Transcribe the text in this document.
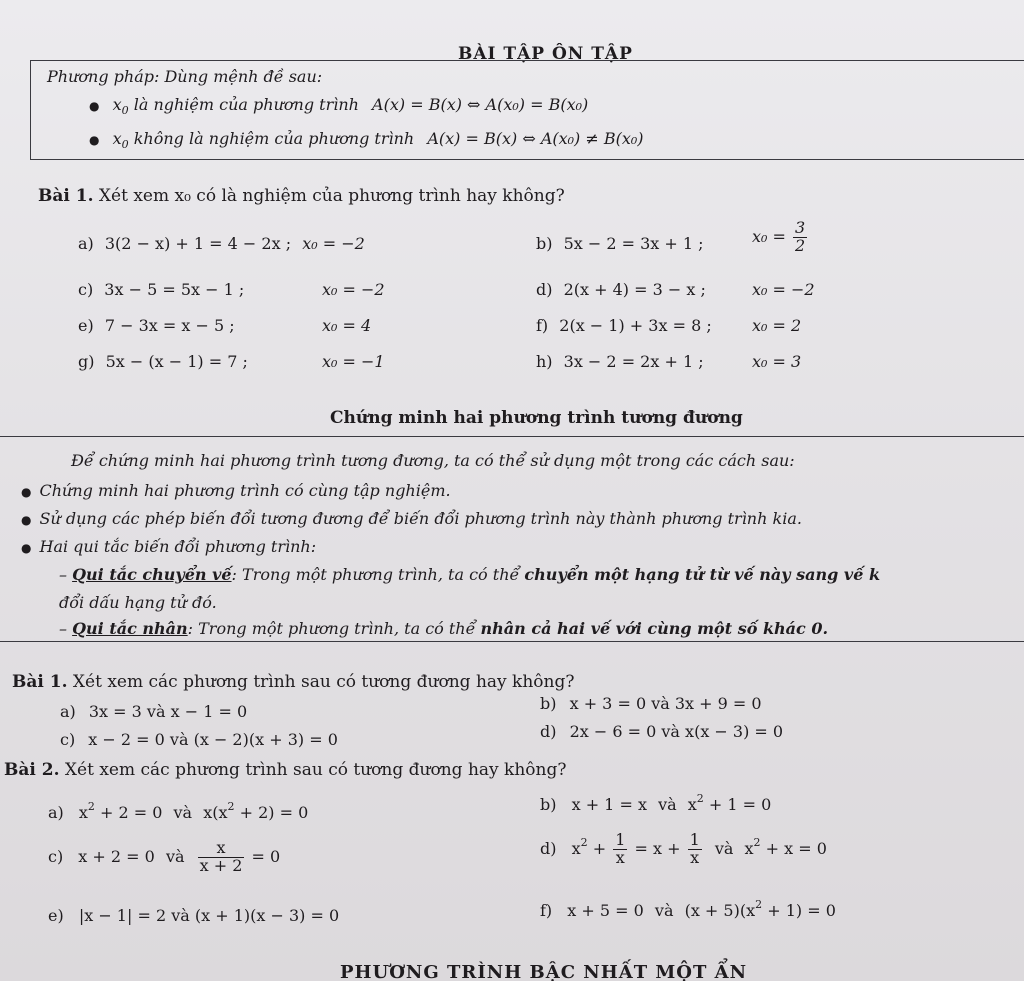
BÀI TẬP ÔN TẬP
Phương pháp: Dùng mệnh đề sau:
● $x_0$ là nghiệm của phương trình A(x) = B(x) ⇔ A(x₀) = B(x₀)
● $x_0$ không là nghiệm của phương trình A(x) = B(x) ⇔ A(x₀) ≠ B(x₀)
Bài 1. Xét xem x₀ có là nghiệm của phương trình hay không?
a) 3(2 − x) + 1 = 4 − 2x ; x₀ = −2	b) 5x − 2 = 3x + 1 ;	$x_0 = \frac{3}{2}$
c) 3x − 5 = 5x − 1 ;	x₀ = −2	d) 2(x + 4) = 3 − x ;	x₀ = −2
e) 7 − 3x = x − 5 ;	x₀ = 4	f) 2(x − 1) + 3x = 8 ;	x₀ = 2
g) 5x − (x − 1) = 7 ;	x₀ = −1	h) 3x − 2 = 2x + 1 ;	x₀ = 3
Chứng minh hai phương trình tương đương
Để chứng minh hai phương trình tương đương, ta có thể sử dụng một trong các cách sau:
● Chứng minh hai phương trình có cùng tập nghiệm.
● Sử dụng các phép biến đổi tương đương để biến đổi phương trình này thành phương trình kia.
● Hai qui tắc biến đổi phương trình:
– Qui tắc chuyển vế: Trong một phương trình, ta có thể chuyển một hạng tử từ vế này sang vế k
đổi dấu hạng tử đó.
– Qui tắc nhân: Trong một phương trình, ta có thể nhân cả hai vế với cùng một số khác 0.
Bài 1. Xét xem các phương trình sau có tương đương hay không?
a) 3x = 3 và x − 1 = 0	b) x + 3 = 0 và 3x + 9 = 0
c) x − 2 = 0 và (x − 2)(x + 3) = 0	d) 2x − 6 = 0 và x(x − 3) = 0
Bài 2. Xét xem các phương trình sau có tương đương hay không?
a) $x^2 + 2 = 0$ và $x(x^2 + 2) = 0$	b) x + 1 = x và $x^2 + 1 = 0$
c) x + 2 = 0 và $\frac{x}{x + 2} = 0$	d) $x^2 + \frac{1}{x} = x + \frac{1}{x}$ và $x^2 + x = 0$
e) |x − 1| = 2 và (x + 1)(x − 3) = 0	f) x + 5 = 0 và $(x + 5)(x^2 + 1) = 0$
PHƯƠNG TRÌNH BẬC NHẤT MỘT ẨN
